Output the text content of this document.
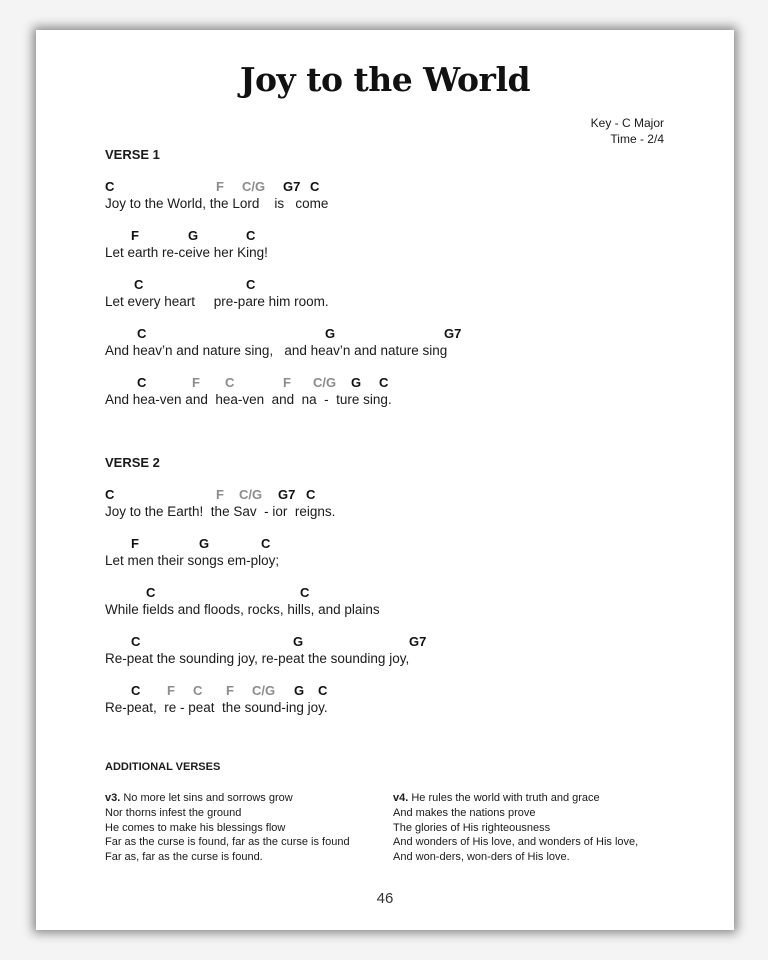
Joy to the World
Key - C Major
Time - 2/4
VERSE 1
C	F C/G G7 C
Joy to the World, the Lord    is   come
F	G	C
Let earth re-ceive her King!
C	C
Let every heart     pre-pare him room.
C	G	G7
And heav’n and nature sing,   and heav’n and nature sing
C	F C	F C/G G C
And hea-ven and  hea-ven  and  na  -  ture sing.
VERSE 2
C	F C/G G7 C
Joy to the Earth!  the Sav  - ior  reigns.
F	G	C
Let men their songs em-ploy;
C	C
While fields and floods, rocks, hills, and plains
C	G	G7
Re-peat the sounding joy, re-peat the sounding joy,
C F C F C/G G C
Re-peat,  re - peat  the sound-ing joy.
ADDITIONAL VERSES
v3. No more let sins and sorrows grow
Nor thorns infest the ground
He comes to make his blessings flow
Far as the curse is found, far as the curse is found
Far as, far as the curse is found.
v4. He rules the world with truth and grace
And makes the nations prove
The glories of His righteousness
And wonders of His love, and wonders of His love,
And won-ders, won-ders of His love.
46
